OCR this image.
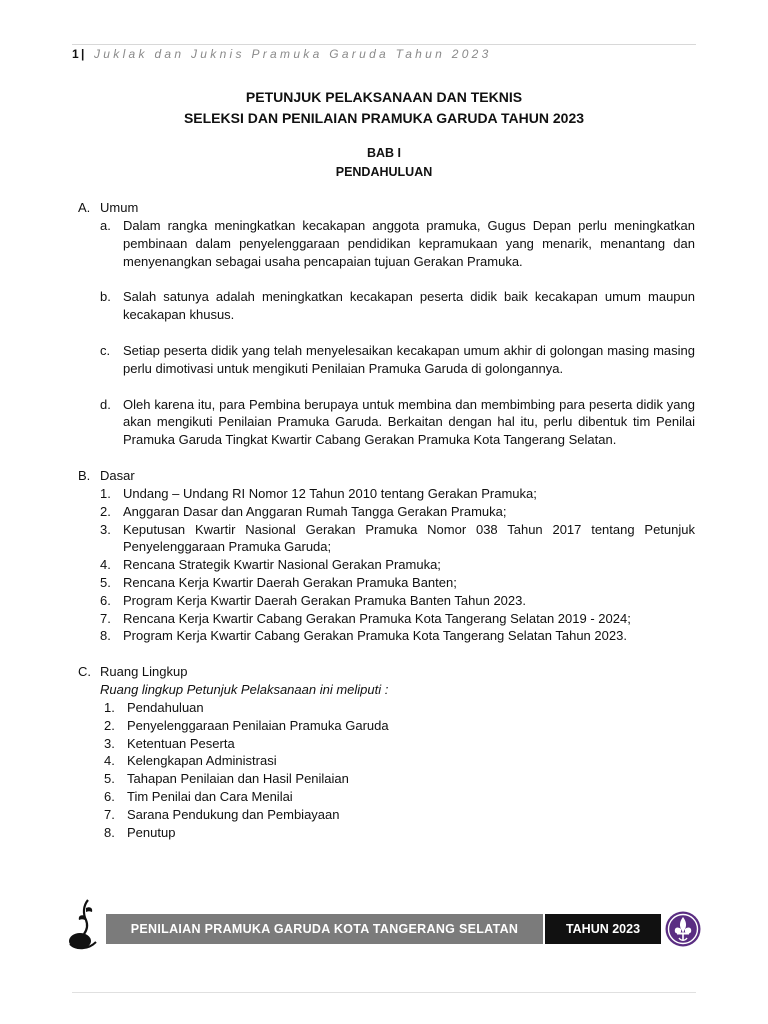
1 | Juklak dan Juknis Pramuka Garuda Tahun 2023
PETUNJUK PELAKSANAAN DAN TEKNIS
SELEKSI DAN PENILAIAN PRAMUKA GARUDA TAHUN 2023
BAB I
PENDAHULUAN
A. Umum
a. Dalam rangka meningkatkan kecakapan anggota pramuka, Gugus Depan perlu meningkatkan pembinaan dalam penyelenggaraan pendidikan kepramukaan yang menarik, menantang dan menyenangkan sebagai usaha pencapaian tujuan Gerakan Pramuka.
b. Salah satunya adalah meningkatkan kecakapan peserta didik baik kecakapan umum maupun kecakapan khusus.
c. Setiap peserta didik yang telah menyelesaikan kecakapan umum akhir di golongan masing masing perlu dimotivasi untuk mengikuti Penilaian Pramuka Garuda di golongannya.
d. Oleh karena itu, para Pembina berupaya untuk membina dan membimbing para peserta didik yang akan mengikuti Penilaian Pramuka Garuda. Berkaitan dengan hal itu, perlu dibentuk tim Penilai Pramuka Garuda Tingkat Kwartir Cabang Gerakan Pramuka Kota Tangerang Selatan.
B. Dasar
1. Undang – Undang RI Nomor 12 Tahun 2010 tentang Gerakan Pramuka;
2. Anggaran Dasar dan Anggaran Rumah Tangga Gerakan Pramuka;
3. Keputusan Kwartir Nasional Gerakan Pramuka Nomor 038 Tahun 2017 tentang Petunjuk Penyelenggaraan Pramuka Garuda;
4. Rencana Strategik Kwartir Nasional Gerakan Pramuka;
5. Rencana Kerja Kwartir Daerah Gerakan Pramuka Banten;
6. Program Kerja Kwartir Daerah Gerakan Pramuka Banten Tahun 2023.
7. Rencana Kerja Kwartir Cabang Gerakan Pramuka Kota Tangerang Selatan 2019 - 2024;
8. Program Kerja Kwartir Cabang Gerakan Pramuka Kota Tangerang Selatan Tahun 2023.
C. Ruang Lingkup
Ruang lingkup Petunjuk Pelaksanaan ini meliputi :
1. Pendahuluan
2. Penyelenggaraan Penilaian Pramuka Garuda
3. Ketentuan Peserta
4. Kelengkapan Administrasi
5. Tahapan Penilaian dan Hasil Penilaian
6. Tim Penilai dan Cara Menilai
7. Sarana Pendukung dan Pembiayaan
8. Penutup
PENILAIAN PRAMUKA GARUDA KOTA TANGERANG SELATAN	TAHUN 2023
